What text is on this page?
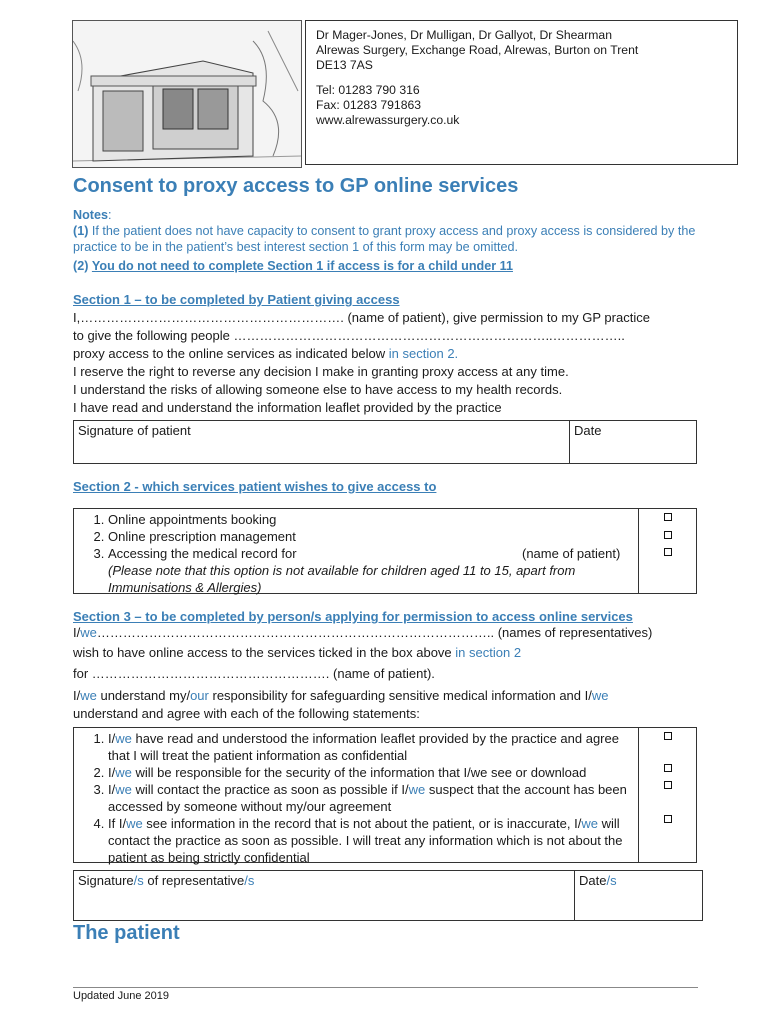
Dr Mager-Jones, Dr Mulligan, Dr Gallyot, Dr Shearman
Alrewas Surgery, Exchange Road, Alrewas, Burton on Trent
DE13 7AS
Tel: 01283 790 316
Fax: 01283 791863
www.alrewassurgery.co.uk
Consent to proxy access to GP online services
Notes:
(1) If the patient does not have capacity to consent to grant proxy access and proxy access is considered by the practice to be in the patient’s best interest section 1 of this form may be omitted.
(2) You do not need to complete Section 1 if access is for a child under 11
Section 1 – to be completed by Patient giving access
I,……………………………………………………. (name of patient), give permission to my GP practice
to give the following people ………………………………………………………………..……………..
proxy access to the online services as indicated below in section 2.
I reserve the right to reverse any decision I make in granting proxy access at any time.
I understand the risks of allowing someone else to have access to my health records.
I have read and understand the information leaflet provided by the practice
Signature of patient	Date
Section 2 - which services patient wishes to give access to
1. Online appointments booking
2. Online prescription management
3. Accessing the medical record for	(name of patient)

(Please note that this option is not available for children aged 11 to 15, apart from Immunisations & Allergies)
Section 3 – to be completed by person/s applying for permission to access online services
I/we……………………………………………………………………………….. (names of representatives)
wish to have online access to the services ticked in the box above in section 2
for ………………………………………………. (name of patient).
I/we understand my/our responsibility for safeguarding sensitive medical information and I/we
understand and agree with each of the following statements:
1. I/we have read and understood the information leaflet provided by the practice and agree that I will treat the patient information as confidential
2. I/we will be responsible for the security of the information that I/we see or download
3. I/we will contact the practice as soon as possible if I/we suspect that the account has been accessed by someone without my/our agreement
4. If I/we see information in the record that is not about the patient, or is inaccurate, I/we will contact the practice as soon as possible. I will treat any information which is not about the patient as being strictly confidential
Signature/s of representative/s	Date/s
The patient
Updated June 2019
